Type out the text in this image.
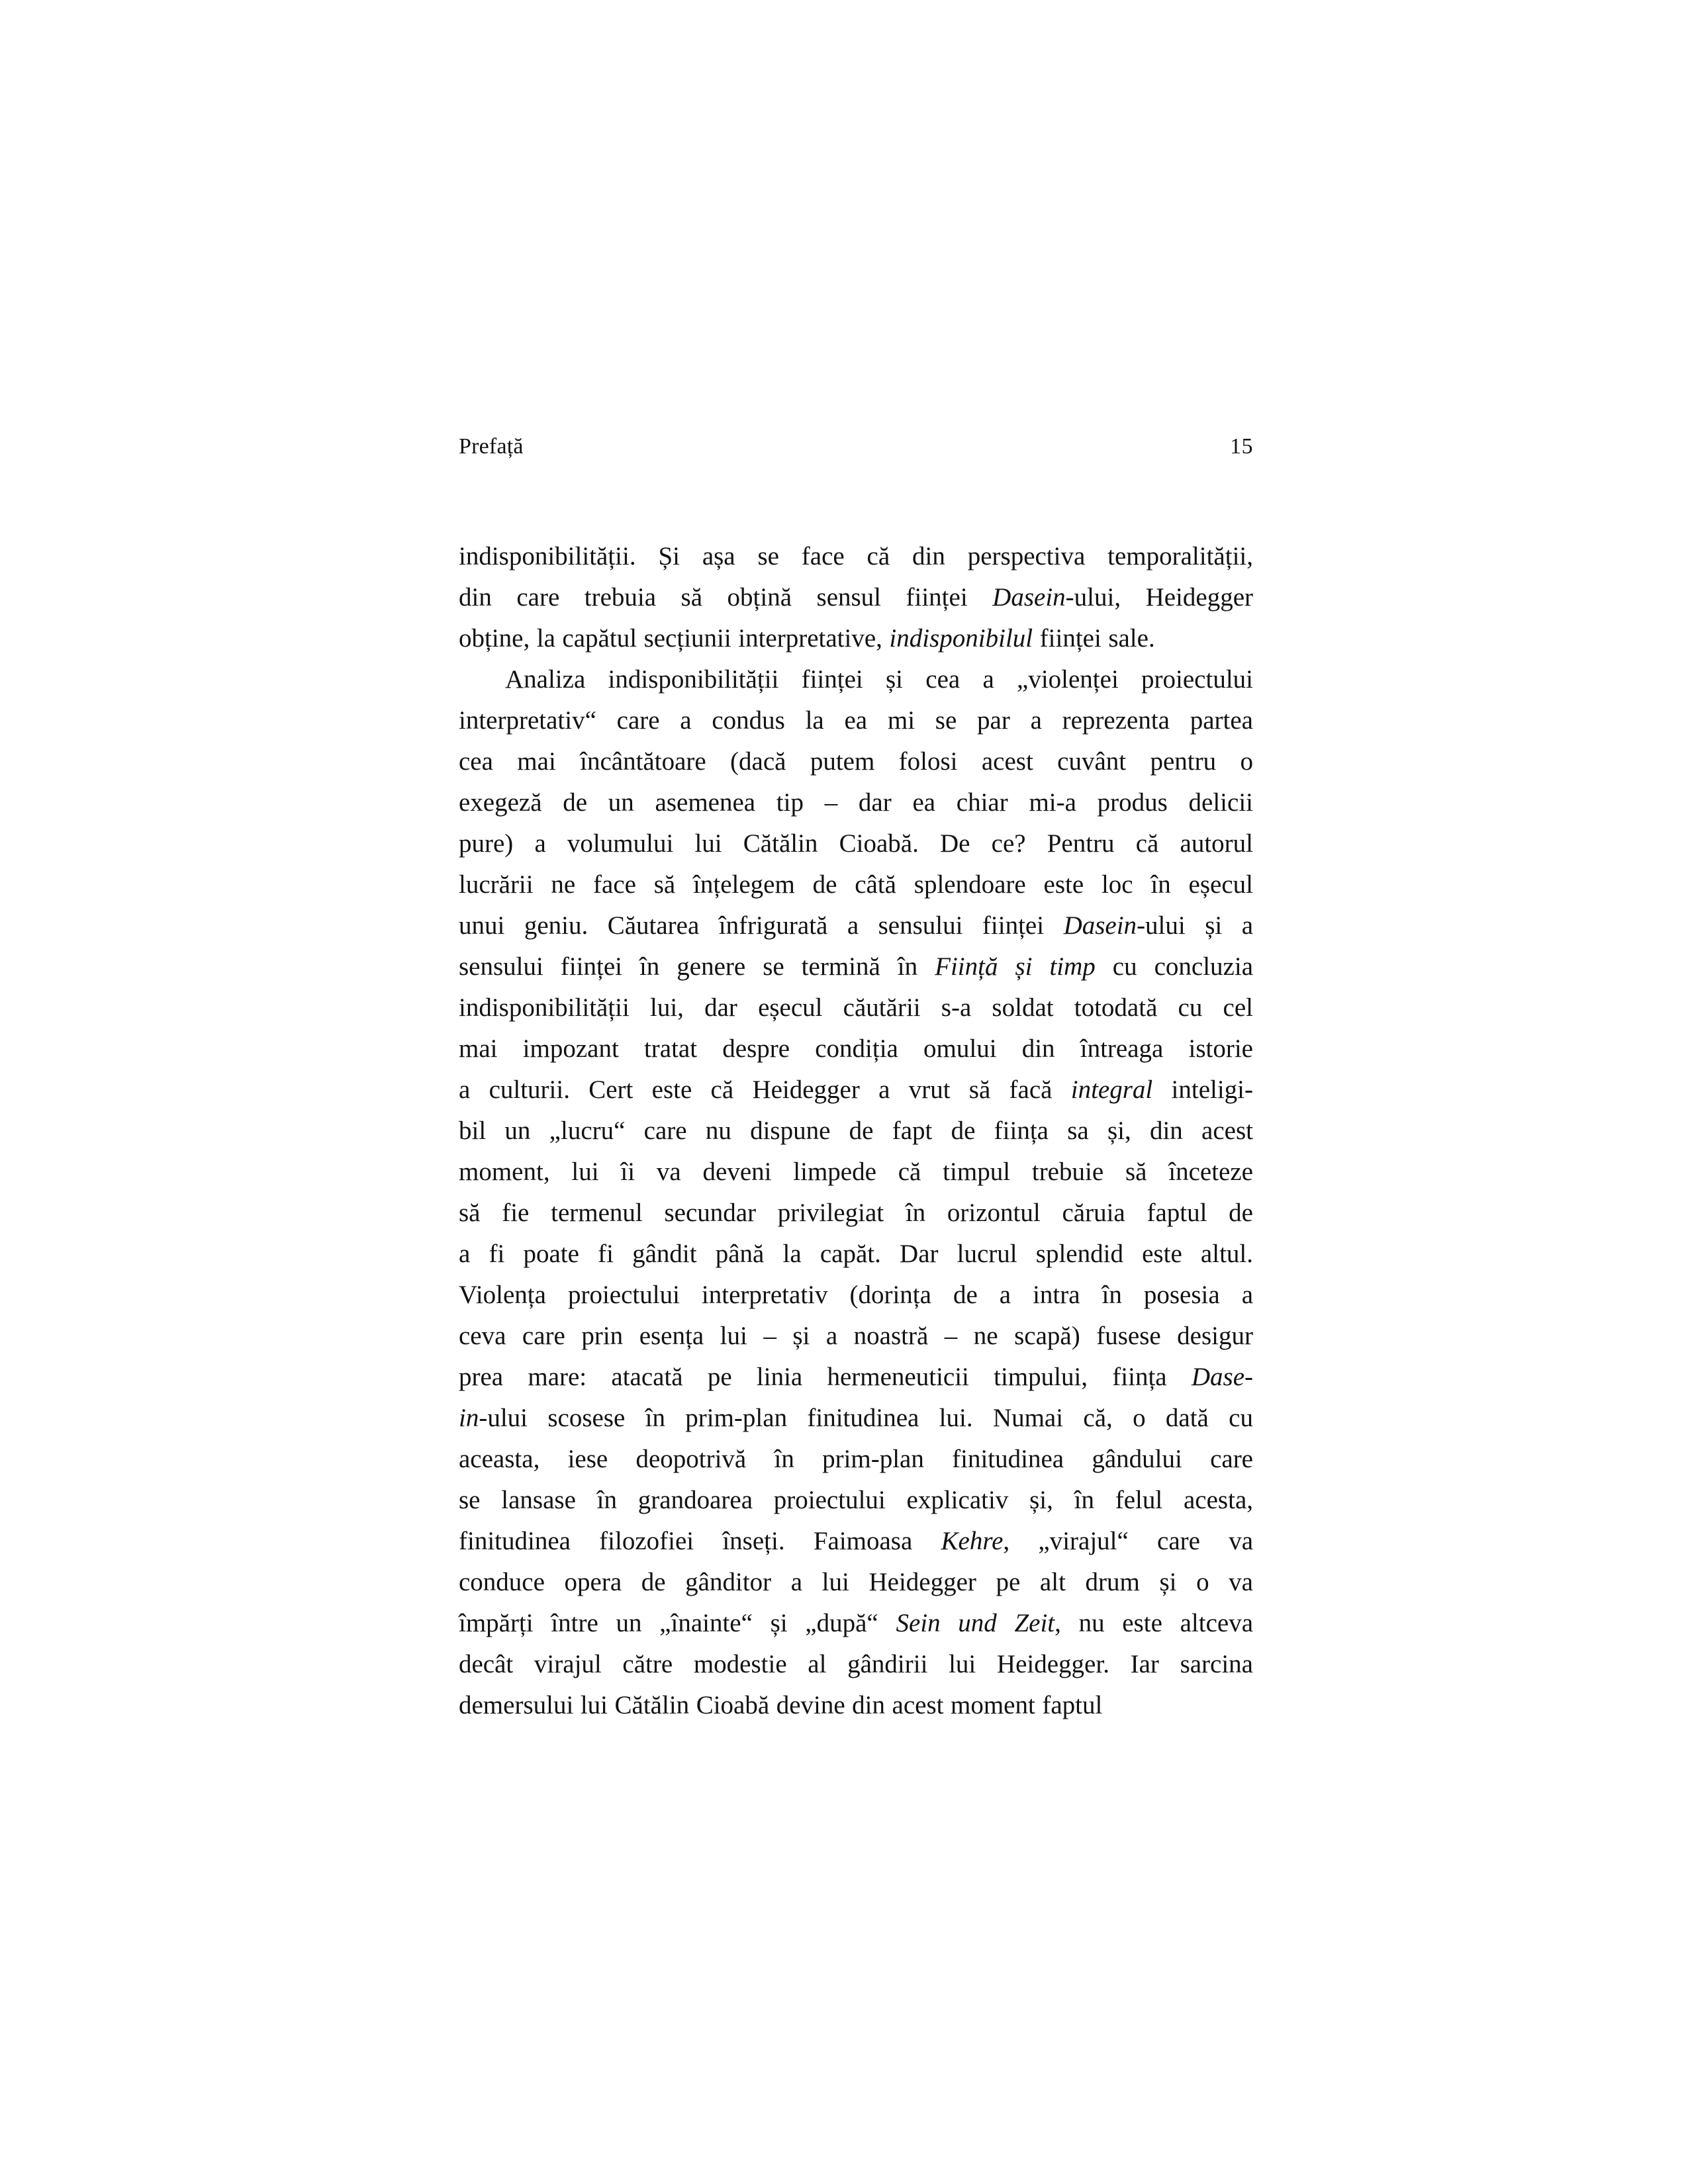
Prefață	15
indisponibilității. Și așa se face că din perspectiva temporalității,
din care trebuia să obțină sensul ființei Dasein-ului, Heidegger
obține, la capătul secțiunii interpretative, indisponibilul ființei sale.
Analiza indisponibilității ființei și cea a „violenței proiectului
interpretativ“ care a condus la ea mi se par a reprezenta partea
cea mai încântătoare (dacă putem folosi acest cuvânt pentru o
exegeză de un asemenea tip – dar ea chiar mi-a produs delicii
pure) a volumului lui Cătălin Cioabă. De ce? Pentru că autorul
lucrării ne face să înțelegem de câtă splendoare este loc în eșecul
unui geniu. Căutarea înfrigurată a sensului ființei Dasein-ului și a
sensului ființei în genere se termină în Ființă și timp cu concluzia
indisponibilității lui, dar eșecul căutării s-a soldat totodată cu cel
mai impozant tratat despre condiția omului din întreaga istorie
a culturii. Cert este că Heidegger a vrut să facă integral inteligi-
bil un „lucru“ care nu dispune de fapt de ființa sa și, din acest
moment, lui îi va deveni limpede că timpul trebuie să înceteze
să fie termenul secundar privilegiat în orizontul căruia faptul de
a fi poate fi gândit până la capăt. Dar lucrul splendid este altul.
Violența proiectului interpretativ (dorința de a intra în posesia a
ceva care prin esența lui – și a noastră – ne scapă) fusese desigur
prea mare: atacată pe linia hermeneuticii timpului, ființa Dase-
in-ului scosese în prim-plan finitudinea lui. Numai că, o dată cu
aceasta, iese deopotrivă în prim-plan finitudinea gândului care
se lansase în grandoarea proiectului explicativ și, în felul acesta,
finitudinea filozofiei înseți. Faimoasa Kehre, „virajul“ care va
conduce opera de gânditor a lui Heidegger pe alt drum și o va
împărți între un „înainte“ și „după“ Sein und Zeit, nu este altceva
decât virajul către modestie al gândirii lui Heidegger. Iar sarcina
demersului lui Cătălin Cioabă devine din acest moment faptul
